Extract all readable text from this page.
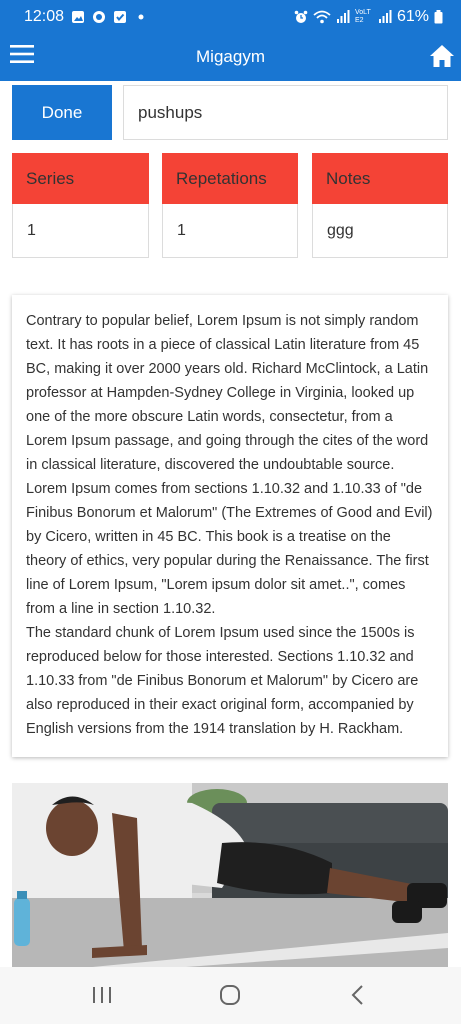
12:08	VoLTE2	61%
Migagym
Done	pushups
Series	Repetations	Notes
1	1	ggg

Contrary to popular belief, Lorem Ipsum is not simply random text. It has roots in a piece of classical Latin literature from 45 BC, making it over 2000 years old. Richard McClintock, a Latin professor at Hampden-Sydney College in Virginia, looked up one of the more obscure Latin words, consectetur, from a Lorem Ipsum passage, and going through the cites of the word in classical literature, discovered the undoubtable source. Lorem Ipsum comes from sections 1.10.32 and 1.10.33 of "de Finibus Bonorum et Malorum" (The Extremes of Good and Evil) by Cicero, written in 45 BC. This book is a treatise on the theory of ethics, very popular during the Renaissance. The first line of Lorem Ipsum, "Lorem ipsum dolor sit amet..", comes from a line in section 1.10.32.

The standard chunk of Lorem Ipsum used since the 1500s is reproduced below for those interested. Sections 1.10.32 and 1.10.33 from "de Finibus Bonorum et Malorum" by Cicero are also reproduced in their exact original form, accompanied by English versions from the 1914 translation by H. Rackham.
